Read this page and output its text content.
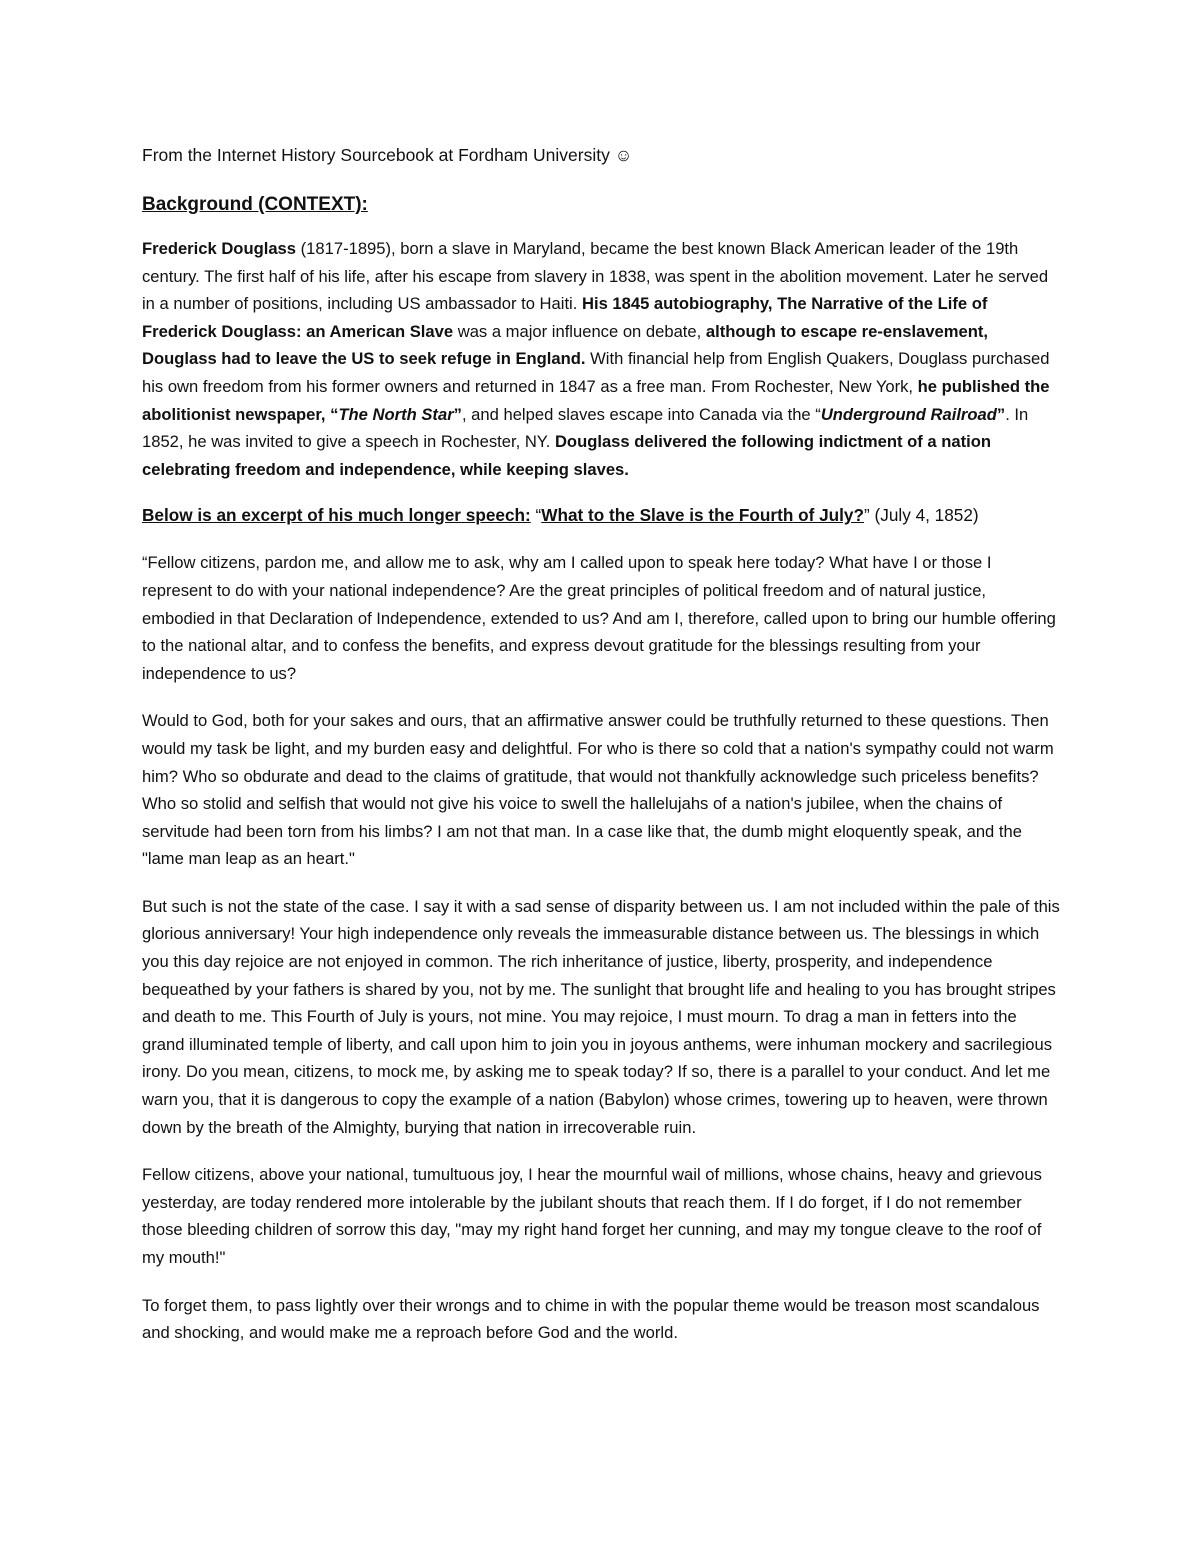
From the Internet History Sourcebook at Fordham University ☺
Background (CONTEXT):

Frederick Douglass (1817-1895), born a slave in Maryland, became the best known Black American leader of the 19th century. The first half of his life, after his escape from slavery in 1838, was spent in the abolition movement. Later he served in a number of positions, including US ambassador to Haiti. His 1845 autobiography, The Narrative of the Life of Frederick Douglass: an American Slave was a major influence on debate, although to escape re-enslavement, Douglass had to leave the US to seek refuge in England. With financial help from English Quakers, Douglass purchased his own freedom from his former owners and returned in 1847 as a free man. From Rochester, New York, he published the abolitionist newspaper, “The North Star”, and helped slaves escape into Canada via the “Underground Railroad”. In 1852, he was invited to give a speech in Rochester, NY. Douglass delivered the following indictment of a nation celebrating freedom and independence, while keeping slaves.

Below is an excerpt of his much longer speech: “What to the Slave is the Fourth of July?” (July 4, 1852)

“Fellow citizens, pardon me, and allow me to ask, why am I called upon to speak here today? What have I or those I represent to do with your national independence? Are the great principles of political freedom and of natural justice, embodied in that Declaration of Independence, extended to us? And am I, therefore, called upon to bring our humble offering to the national altar, and to confess the benefits, and express devout gratitude for the blessings resulting from your independence to us?

Would to God, both for your sakes and ours, that an affirmative answer could be truthfully returned to these questions. Then would my task be light, and my burden easy and delightful. For who is there so cold that a nation's sympathy could not warm him? Who so obdurate and dead to the claims of gratitude, that would not thankfully acknowledge such priceless benefits? Who so stolid and selfish that would not give his voice to swell the hallelujahs of a nation's jubilee, when the chains of servitude had been torn from his limbs? I am not that man. In a case like that, the dumb might eloquently speak, and the "lame man leap as an heart."

But such is not the state of the case. I say it with a sad sense of disparity between us. I am not included within the pale of this glorious anniversary! Your high independence only reveals the immeasurable distance between us. The blessings in which you this day rejoice are not enjoyed in common. The rich inheritance of justice, liberty, prosperity, and independence bequeathed by your fathers is shared by you, not by me. The sunlight that brought life and healing to you has brought stripes and death to me. This Fourth of July is yours, not mine. You may rejoice, I must mourn. To drag a man in fetters into the grand illuminated temple of liberty, and call upon him to join you in joyous anthems, were inhuman mockery and sacrilegious irony. Do you mean, citizens, to mock me, by asking me to speak today? If so, there is a parallel to your conduct. And let me warn you, that it is dangerous to copy the example of a nation (Babylon) whose crimes, towering up to heaven, were thrown down by the breath of the Almighty, burying that nation in irrecoverable ruin.

Fellow citizens, above your national, tumultuous joy, I hear the mournful wail of millions, whose chains, heavy and grievous yesterday, are today rendered more intolerable by the jubilant shouts that reach them. If I do forget, if I do not remember those bleeding children of sorrow this day, "may my right hand forget her cunning, and may my tongue cleave to the roof of my mouth!"

To forget them, to pass lightly over their wrongs and to chime in with the popular theme would be treason most scandalous and shocking, and would make me a reproach before God and the world.
